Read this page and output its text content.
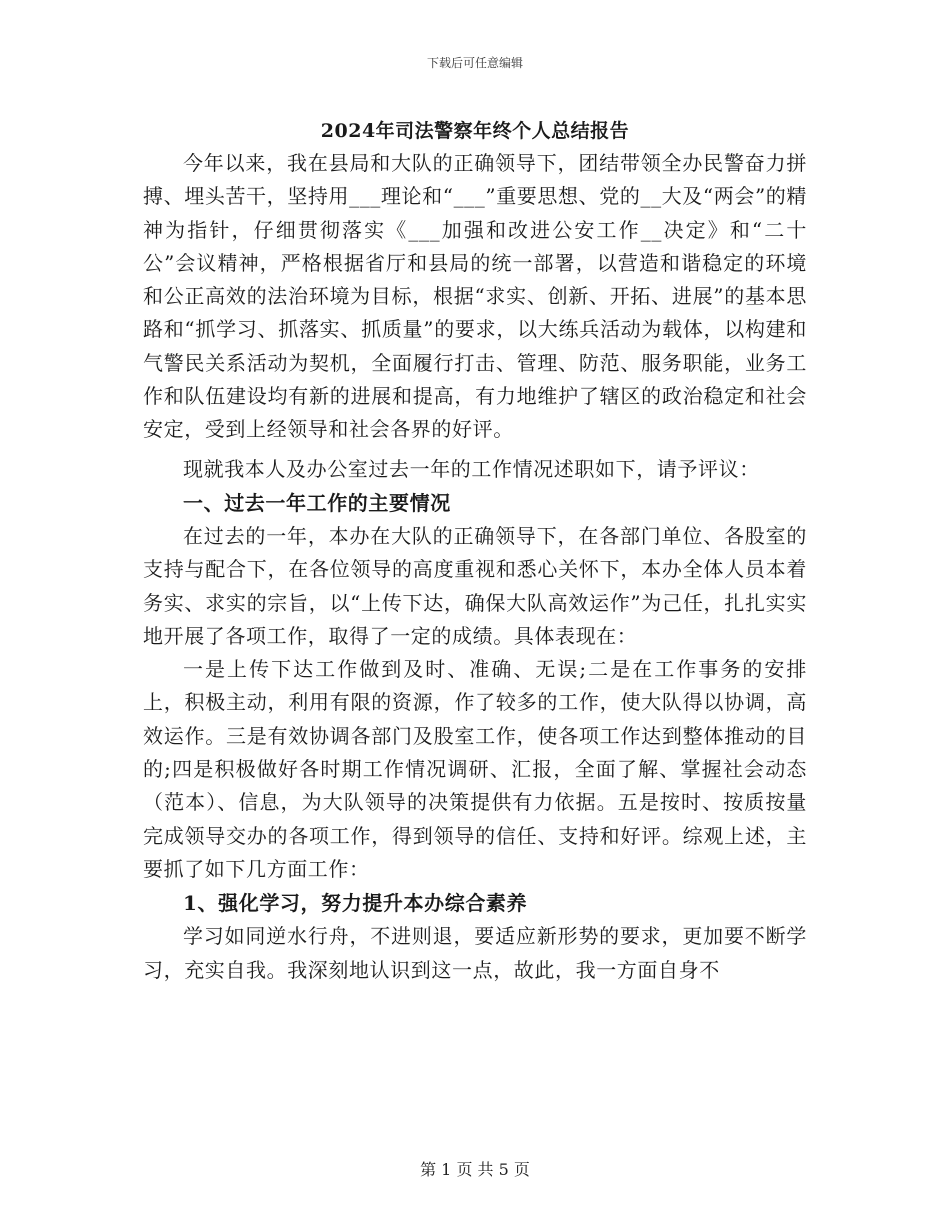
下载后可任意编辑
2024年司法警察年终个人总结报告

今年以来，我在县局和大队的正确领导下，团结带领全办民警奋力拼搏、埋头苦干，坚持用___理论和“___”重要思想、党的__大及“两会”的精神为指针，仔细贯彻落实《___加强和改进公安工作__决定》和“二十公”会议精神，严格根据省厅和县局的统一部署，以营造和谐稳定的环境和公正高效的法治环境为目标，根据“求实、创新、开拓、进展”的基本思路和“抓学习、抓落实、抓质量”的要求，以大练兵活动为载体，以构建和气警民关系活动为契机，全面履行打击、管理、防范、服务职能，业务工作和队伍建设均有新的进展和提高，有力地维护了辖区的政治稳定和社会安定，受到上经领导和社会各界的好评。

现就我本人及办公室过去一年的工作情况述职如下，请予评议：

一、过去一年工作的主要情况

在过去的一年，本办在大队的正确领导下，在各部门单位、各股室的支持与配合下，在各位领导的高度重视和悉心关怀下，本办全体人员本着务实、求实的宗旨，以“上传下达，确保大队高效运作”为己任，扎扎实实地开展了各项工作，取得了一定的成绩。具体表现在：

一是上传下达工作做到及时、准确、无误;二是在工作事务的安排上，积极主动，利用有限的资源，作了较多的工作，使大队得以协调，高效运作。三是有效协调各部门及股室工作，使各项工作达到整体推动的目的;四是积极做好各时期工作情况调研、汇报，全面了解、掌握社会动态（范本）、信息，为大队领导的决策提供有力依据。五是按时、按质按量完成领导交办的各项工作，得到领导的信任、支持和好评。综观上述，主要抓了如下几方面工作：

1、强化学习，努力提升本办综合素养

学习如同逆水行舟，不进则退，要适应新形势的要求，更加要不断学习，充实自我。我深刻地认识到这一点，故此，我一方面自身不

第 1 页 共 5 页
